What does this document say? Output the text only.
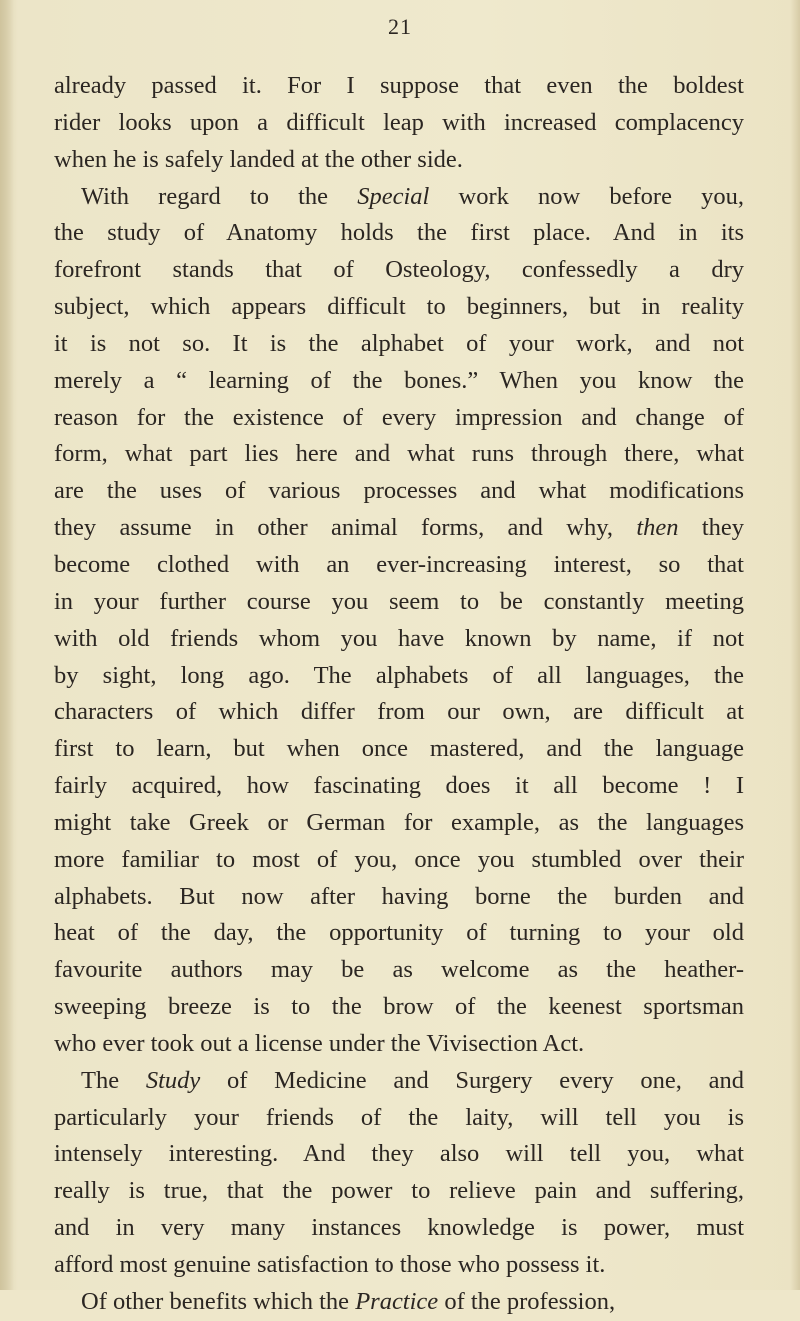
21
already passed it. For I suppose that even the boldest
rider looks upon a difficult leap with increased complacency
when he is safely landed at the other side.
With regard to the Special work now before you,
the study of Anatomy holds the first place. And in its
forefront stands that of Osteology, confessedly a dry
subject, which appears difficult to beginners, but in reality
it is not so. It is the alphabet of your work, and not
merely a “ learning of the bones.” When you know the
reason for the existence of every impression and change of
form, what part lies here and what runs through there, what
are the uses of various processes and what modifications
they assume in other animal forms, and why, then they
become clothed with an ever-increasing interest, so that
in your further course you seem to be constantly meeting
with old friends whom you have known by name, if not
by sight, long ago. The alphabets of all languages, the
characters of which differ from our own, are difficult at
first to learn, but when once mastered, and the language
fairly acquired, how fascinating does it all become ! I
might take Greek or German for example, as the languages
more familiar to most of you, once you stumbled over their
alphabets. But now after having borne the burden and
heat of the day, the opportunity of turning to your old
favourite authors may be as welcome as the heather-
sweeping breeze is to the brow of the keenest sportsman
who ever took out a license under the Vivisection Act.
The Study of Medicine and Surgery every one, and
particularly your friends of the laity, will tell you is
intensely interesting. And they also will tell you, what
really is true, that the power to relieve pain and suffering,
and in very many instances knowledge is power, must
afford most genuine satisfaction to those who possess it.
Of other benefits which the Practice of the profession,
